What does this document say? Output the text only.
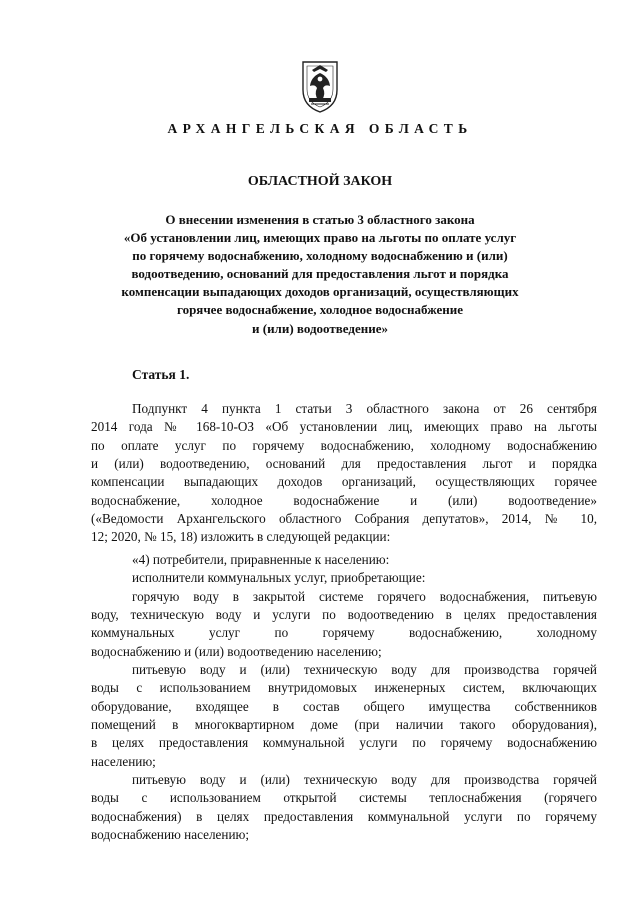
АРХАНГЕЛЬСКАЯ ОБЛАСТЬ
ОБЛАСТНОЙ ЗАКОН
О внесении изменения в статью 3 областного закона
«Об установлении лиц, имеющих право на льготы по оплате услуг
по горячему водоснабжению, холодному водоснабжению и (или)
водоотведению, оснований для предоставления льгот и порядка
компенсации выпадающих доходов организаций, осуществляющих
горячее водоснабжение, холодное водоснабжение
и (или) водоотведение»
Статья 1.
Подпункт 4 пункта 1 статьи 3 областного закона от 26 сентября
2014 года № 168-10-ОЗ «Об установлении лиц, имеющих право на льготы
по оплате услуг по горячему водоснабжению, холодному водоснабжению
и (или) водоотведению, оснований для предоставления льгот и порядка
компенсации выпадающих доходов организаций, осуществляющих горячее
водоснабжение, холодное водоснабжение и (или) водоотведение»
(«Ведомости Архангельского областного Собрания депутатов», 2014, № 10,
12; 2020, № 15, 18) изложить в следующей редакции:
«4) потребители, приравненные к населению:
исполнители коммунальных услуг, приобретающие:
горячую воду в закрытой системе горячего водоснабжения, питьевую
воду, техническую воду и услуги по водоотведению в целях предоставления
коммунальных услуг по горячему водоснабжению, холодному
водоснабжению и (или) водоотведению населению;
питьевую воду и (или) техническую воду для производства горячей
воды с использованием внутридомовых инженерных систем, включающих
оборудование, входящее в состав общего имущества собственников
помещений в многоквартирном доме (при наличии такого оборудования),
в целях предоставления коммунальной услуги по горячему водоснабжению
населению;
питьевую воду и (или) техническую воду для производства горячей
воды с использованием открытой системы теплоснабжения (горячего
водоснабжения) в целях предоставления коммунальной услуги по горячему
водоснабжению населению;
